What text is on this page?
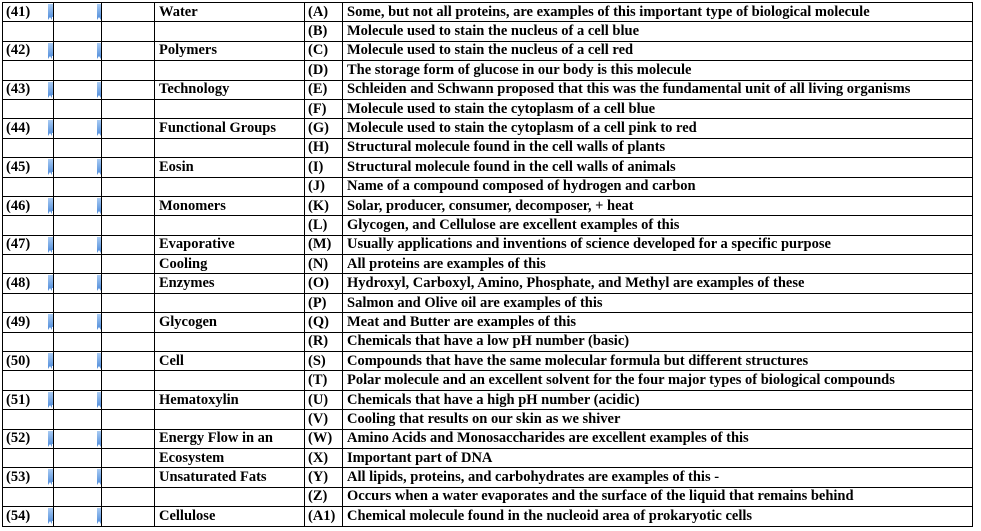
(41)			Water	(A)	Some, but not all proteins, are examples of this important type of biological molecule
				(B)	Molecule used to stain the nucleus of a cell blue
(42)			Polymers	(C)	Molecule used to stain the nucleus of a cell red
				(D)	The storage form of glucose in our body is this molecule
(43)			Technology	(E)	Schleiden and Schwann proposed that this was the fundamental unit of all living organisms
				(F)	Molecule used to stain the cytoplasm of a cell blue
(44)			Functional Groups	(G)	Molecule used to stain the cytoplasm of a cell pink to red
				(H)	Structural molecule found in the cell walls of plants
(45)			Eosin	(I)	Structural molecule found in the cell walls of animals
				(J)	Name of a compound composed of hydrogen and carbon
(46)			Monomers	(K)	Solar, producer, consumer, decomposer, + heat
				(L)	Glycogen, and Cellulose are excellent examples of this
(47)			Evaporative	(M)	Usually applications and inventions of science developed for a specific purpose
			Cooling	(N)	All proteins are examples of this
(48)			Enzymes	(O)	Hydroxyl, Carboxyl, Amino, Phosphate, and Methyl are examples of these
				(P)	Salmon and Olive oil are examples of this
(49)			Glycogen	(Q)	Meat and Butter are examples of this
				(R)	Chemicals that have a low pH number (basic)
(50)			Cell	(S)	Compounds that have the same molecular formula but different structures
				(T)	Polar molecule and an excellent solvent for the four major types of biological compounds
(51)			Hematoxylin	(U)	Chemicals that have a high pH number (acidic)
				(V)	Cooling that results on our skin as we shiver
(52)			Energy Flow in an	(W)	Amino Acids and Monosaccharides are excellent examples of this
			Ecosystem	(X)	Important part of DNA
(53)			Unsaturated Fats	(Y)	All lipids, proteins, and carbohydrates are examples of this -
				(Z)	Occurs when a water evaporates and the surface of the liquid that remains behind
(54)			Cellulose	(A1)	Chemical molecule found in the nucleoid area of prokaryotic cells
